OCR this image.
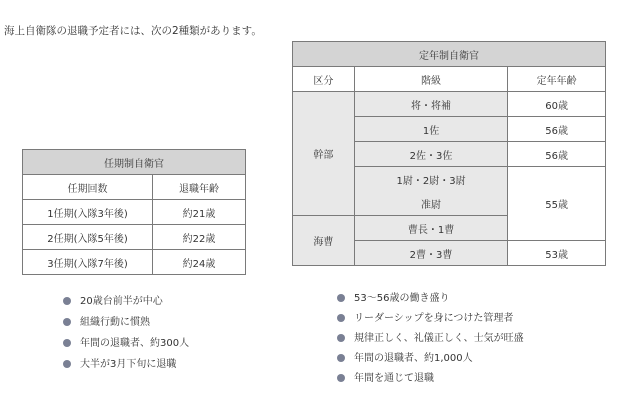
海上自衛隊の退職予定者には、次の2種類があります。
任期制自衛官	
任期回数	退職年齢
1任期(入隊3年後)	約21歳
2任期(入隊5年後)	約22歳
3任期(入隊7年後)	約24歳
定年制自衛官		
区分	階級	定年年齢
幹部	将・将補	60歳
	1佐	56歳
	2佐・3佐	56歳
	1尉・2尉・3尉	55歳
	准尉	
海曹	曹長・1曹	
	2曹・3曹	53歳
20歳台前半が中心
組織行動に慣熟
年間の退職者、約300人
大半が3月下旬に退職
53～56歳の働き盛り
リーダーシップを身につけた管理者
規律正しく、礼儀正しく、士気が旺盛
年間の退職者、約1,000人
年間を通じて退職
